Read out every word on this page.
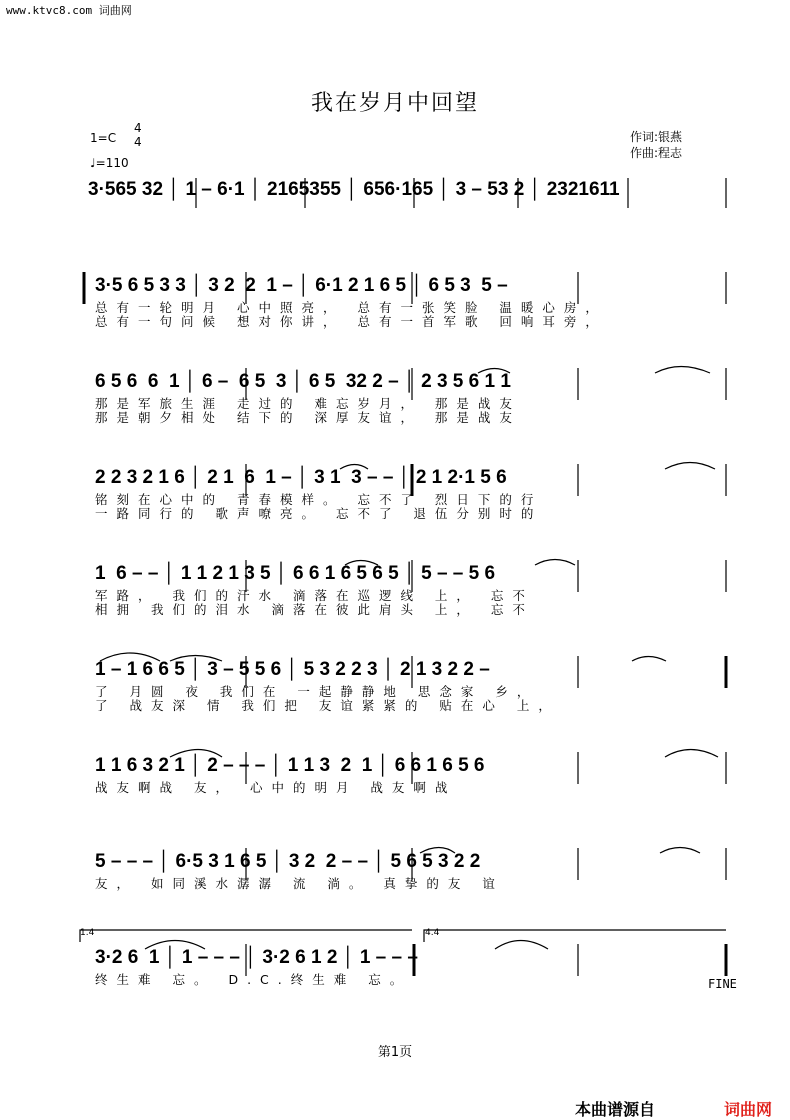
www.ktvc8.com 词曲网
我在岁月中回望
1=C
4
4
♩=110
作词:银燕
作曲:程志
3·565 32 │ 1 – 6·1 │ 2165355 │ 656·165 │ 3 – 53 2 │ 2321611
3·5 6 5 3 3 │ 3 2  2  1 – │ 6·1 2 1 6 5 │ 6 5 3  5 –
总有一轮明月 心中照亮， 总有一张笑脸 温暖心房，
总有一句问候 想对你讲， 总有一首军歌 回响耳旁，
6 5 6  6  1 │ 6 –  6 5  3 │ 6 5  32 2 – │ 2 3 5 6 1 1
那是军旅生涯 走过的 难忘岁月， 那是战友
那是朝夕相处 结下的 深厚友谊， 那是战友
2 2 3 2 1 6 │ 2 1  6  1 – │ 3 1  3 – – │ 2 1 2·1 5 6
铭刻在心中的 青春模样。 忘不了 烈日下的行
一路同行的 歌声嘹亮。 忘不了 退伍分别时的
1  6 – – │ 1 1 2 1 3 5 │ 6 6 1 6 5 6 5 │ 5 – – 5 6
军路， 我们的汗水 滴落在巡逻线 上， 忘不
相拥 我们的泪水 滴落在彼此肩头 上， 忘不
1 – 1 6 6 5 │ 3 – 5 5 6 │ 5 3 2 2 3 │ 2 1 3 2 2 –
了 月圆 夜 我们在 一起静静地 思念家 乡，
了 战友深 情 我们把 友谊紧紧的 贴在心 上，
1 1 6 3 2 1 │ 2 – – – │ 1 1 3  2  1 │ 6 6 1 6 5 6
战友啊战 友， 心中的明月 战友啊战
5 – – – │ 6·5 3 1 6 5 │ 3 2  2 – – │ 5 6 5 3 2 2
友， 如同溪水潺潺 流 淌。 真挚的友 谊
1.4	4.4
3·2 6  1 │ 1 – – – │ 3·2 6 1 2 │ 1 – – –
终生难 忘。 D.C.终生难 忘。	FINE
第1页
本曲谱源自	词曲网
